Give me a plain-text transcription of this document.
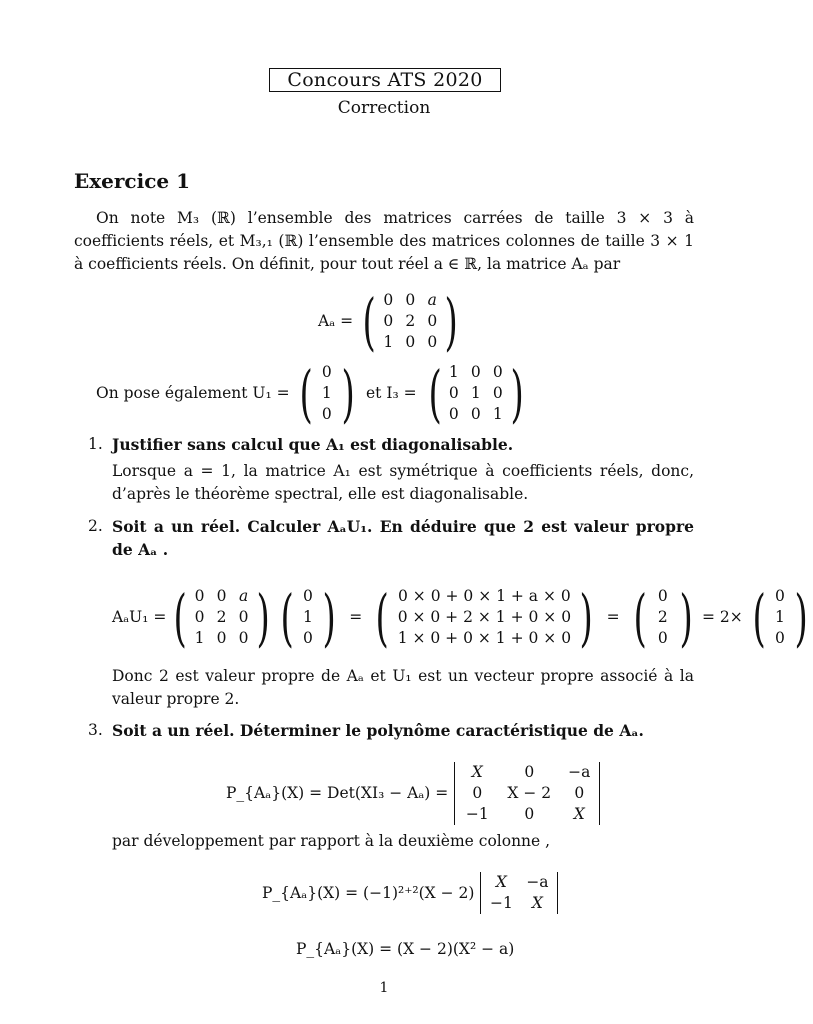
Concours ATS 2020
Correction
Exercice 1
On note M₃ (ℝ) l’ensemble des matrices carrées de taille 3 × 3 à coefficients réels, et M₃,₁ (ℝ) l’ensemble des matrices colonnes de taille 3 × 1 à coefficients réels. On définit, pour tout réel a ∈ ℝ, la matrice Aₐ par
Aₐ = ( 0 0 a
0 2 0
1 0 0 )
On pose également U₁ = ( 0
1
0 ) et I₃ = ( 1 0 0
0 1 0
0 0 1 )
1. Justifier sans calcul que A₁ est diagonalisable.
Lorsque a = 1, la matrice A₁ est symétrique à coefficients réels, donc, d’après le théorème spectral, elle est diagonalisable.
2. Soit a un réel. Calculer AₐU₁. En déduire que 2 est valeur propre de Aₐ .
AₐU₁ = ( 0 0 a
0 2 0
1 0 0 ) ( 0
1
0 ) = ( 0 × 0 + 0 × 1 + a × 0
0 × 0 + 2 × 1 + 0 × 0
1 × 0 + 0 × 1 + 0 × 0 ) = ( 0
2
0 ) = 2× ( 0
1
0 )
Donc 2 est valeur propre de Aₐ et U₁ est un vecteur propre associé à la valeur propre 2.
3. Soit a un réel. Déterminer le polynôme caractéristique de Aₐ.
P_{Aₐ}(X) = Det(XI₃ − Aₐ) =
X	0	−a
0	X − 2	0
−1	0	X
par développement par rapport à la deuxième colonne ,
P_{Aₐ}(X) = (−1)²⁺²(X − 2)
X	−a
−1	X
P_{Aₐ}(X) = (X − 2)(X² − a)
1
